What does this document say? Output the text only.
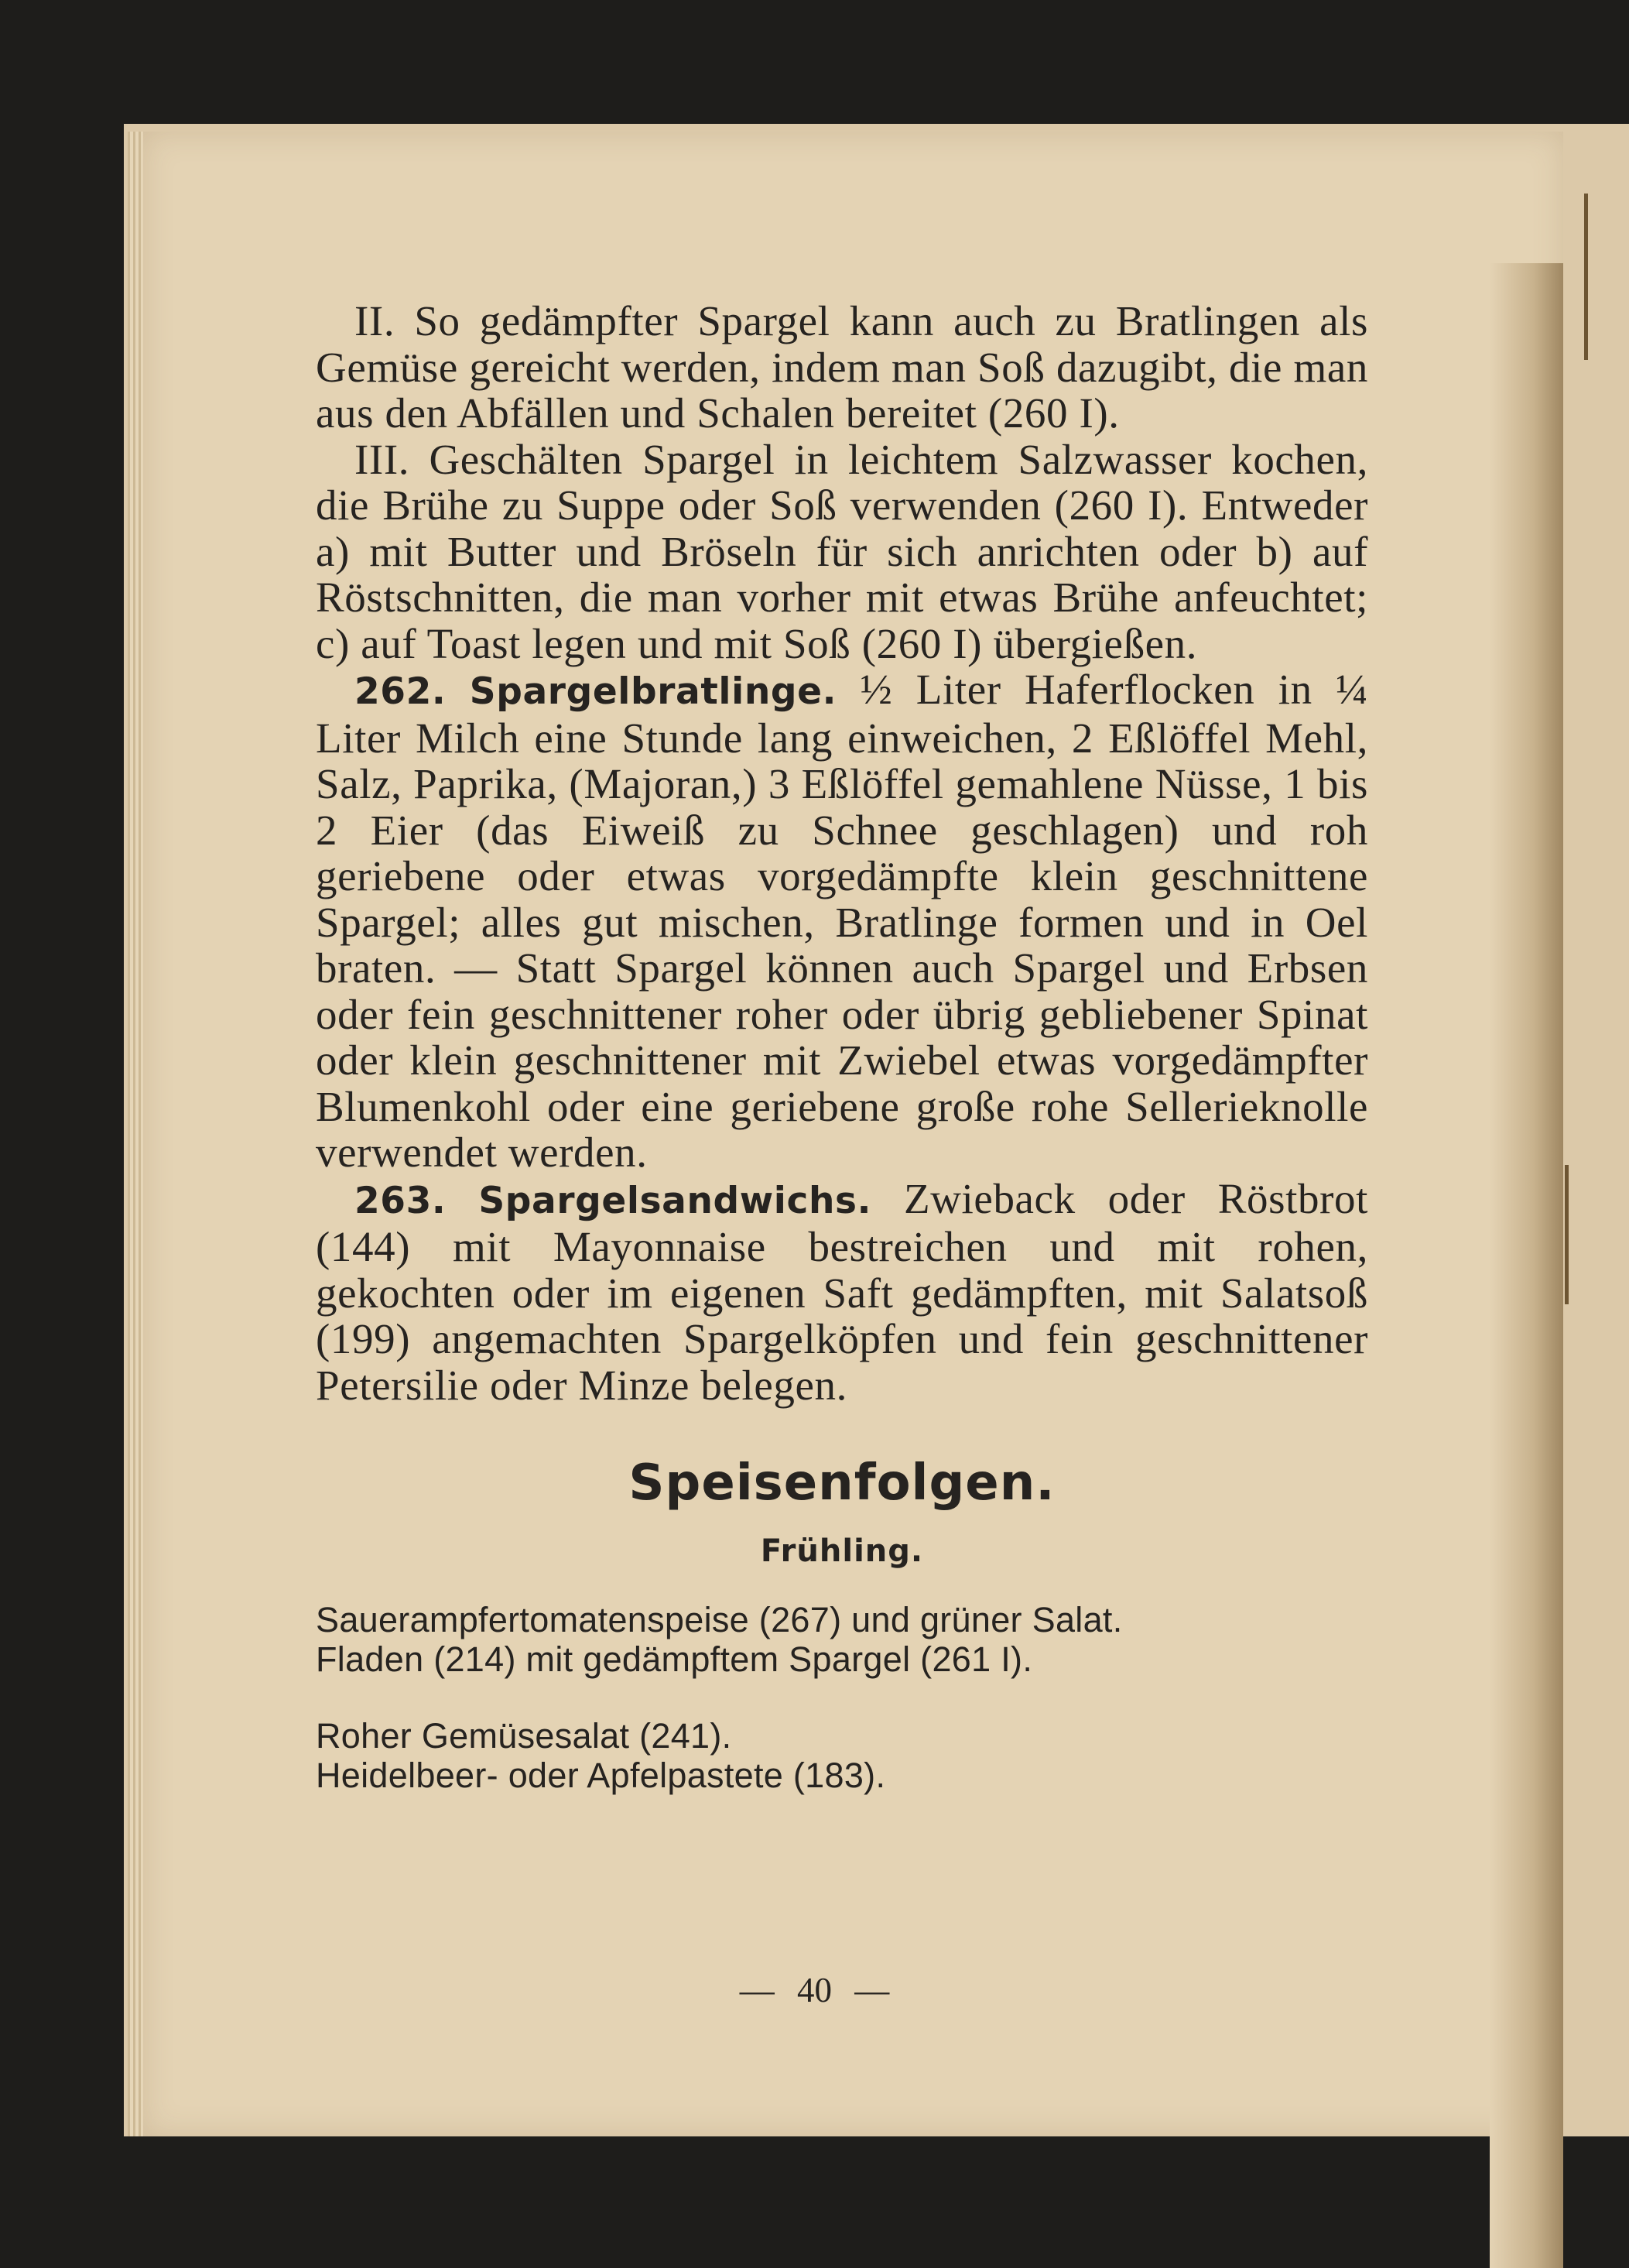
II. So gedämpfter Spargel kann auch zu Bratlingen als Gemüse gereicht werden, indem man Soß dazugibt, die man aus den Abfällen und Schalen bereitet (260 I).

III. Geschälten Spargel in leichtem Salzwasser kochen, die Brühe zu Suppe oder Soß verwenden (260 I). Entweder a) mit Butter und Bröseln für sich anrichten oder b) auf Röstschnitten, die man vorher mit etwas Brühe anfeuchtet; c) auf Toast legen und mit Soß (260 I) übergießen.

262. Spargelbratlinge. ½ Liter Haferflocken in ¼ Liter Milch eine Stunde lang einweichen, 2 Eßlöffel Mehl, Salz, Paprika, (Majoran,) 3 Eßlöffel gemahlene Nüsse, 1 bis 2 Eier (das Eiweiß zu Schnee geschlagen) und roh geriebene oder etwas vorgedämpfte klein geschnittene Spargel; alles gut mischen, Bratlinge formen und in Oel braten. — Statt Spargel können auch Spargel und Erbsen oder fein geschnittener roher oder übrig gebliebener Spinat oder klein geschnittener mit Zwiebel etwas vorgedämpfter Blumenkohl oder eine geriebene große rohe Sellerieknolle verwendet werden.

263. Spargelsandwichs. Zwieback oder Röstbrot (144) mit Mayonnaise bestreichen und mit rohen, gekochten oder im eigenen Saft gedämpften, mit Salatsoß (199) angemachten Spargelköpfen und fein geschnittener Petersilie oder Minze belegen.

Speisenfolgen.
Frühling.

Sauerampfertomatenspeise (267) und grüner Salat.

Fladen (214) mit gedämpftem Spargel (261 I).

Roher Gemüsesalat (241).

Heidelbeer- oder Apfelpastete (183).

— 40 —
